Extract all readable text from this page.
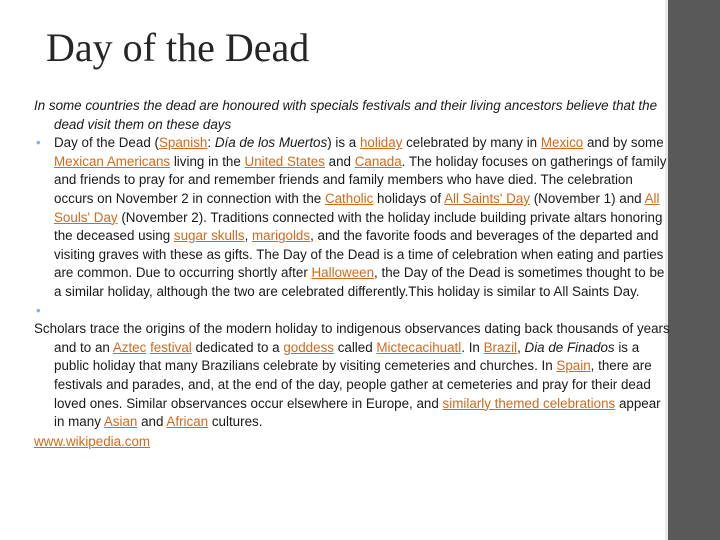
Day of the Dead

In some countries the dead are honoured with specials festivals and their living ancestors believe that the dead visit them on these days

• Day of the Dead (Spanish: Día de los Muertos) is a holiday celebrated by many in Mexico and by some Mexican Americans living in the United States and Canada. The holiday focuses on gatherings of family and friends to pray for and remember friends and family members who have died. The celebration occurs on November 2 in connection with the Catholic holidays of All Saints' Day (November 1) and All Souls' Day (November 2). Traditions connected with the holiday include building private altars honoring the deceased using sugar skulls, marigolds, and the favorite foods and beverages of the departed and visiting graves with these as gifts. The Day of the Dead is a time of celebration when eating and parties are common. Due to occurring shortly after Halloween, the Day of the Dead is sometimes thought to be a similar holiday, although the two are celebrated differently.This holiday is similar to All Saints Day.

•

Scholars trace the origins of the modern holiday to indigenous observances dating back thousands of years and to an Aztec festival dedicated to a goddess called Mictecacihuatl. In Brazil, Dia de Finados is a public holiday that many Brazilians celebrate by visiting cemeteries and churches. In Spain, there are festivals and parades, and, at the end of the day, people gather at cemeteries and pray for their dead loved ones. Similar observances occur elsewhere in Europe, and similarly themed celebrations appear in many Asian and African cultures.

www.wikipedia.com
